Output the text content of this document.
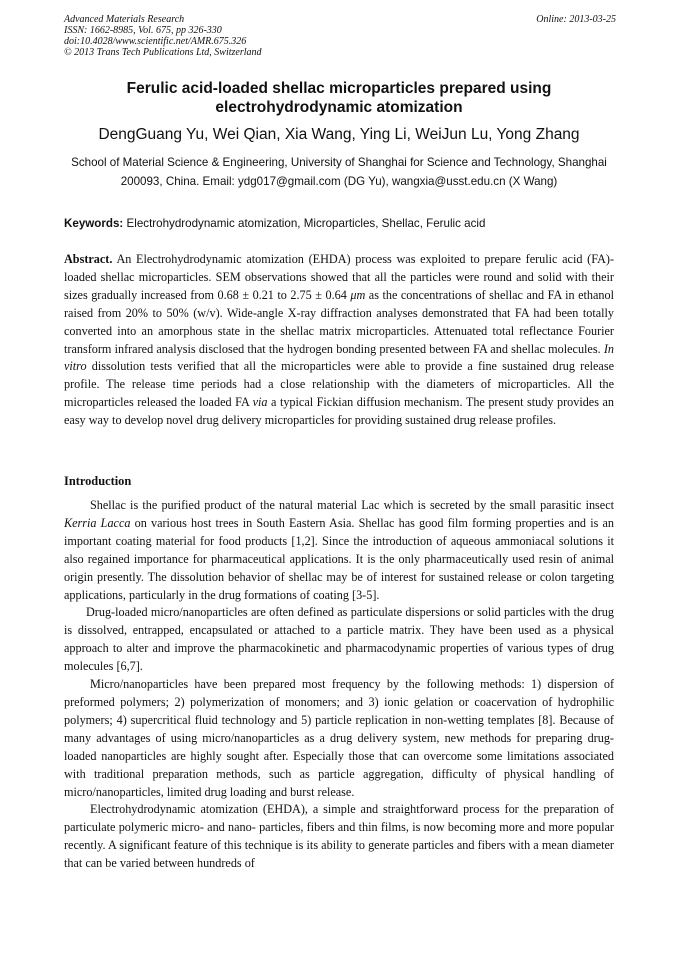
Advanced Materials Research
ISSN: 1662-8985, Vol. 675, pp 326-330
doi:10.4028/www.scientific.net/AMR.675.326
© 2013 Trans Tech Publications Ltd, Switzerland
Online: 2013-03-25
Ferulic acid-loaded shellac microparticles prepared using electrohydrodynamic atomization
DengGuang Yu, Wei Qian, Xia Wang, Ying Li, WeiJun Lu, Yong Zhang
School of Material Science & Engineering, University of Shanghai for Science and Technology, Shanghai 200093, China. Email: ydg017@gmail.com (DG Yu), wangxia@usst.edu.cn (X Wang)
Keywords: Electrohydrodynamic atomization, Microparticles, Shellac, Ferulic acid
Abstract. An Electrohydrodynamic atomization (EHDA) process was exploited to prepare ferulic acid (FA)-loaded shellac microparticles. SEM observations showed that all the particles were round and solid with their sizes gradually increased from 0.68 ± 0.21 to 2.75 ± 0.64 μm as the concentrations of shellac and FA in ethanol raised from 20% to 50% (w/v). Wide-angle X-ray diffraction analyses demonstrated that FA had been totally converted into an amorphous state in the shellac matrix microparticles. Attenuated total reflectance Fourier transform infrared analysis disclosed that the hydrogen bonding presented between FA and shellac molecules. In vitro dissolution tests verified that all the microparticles were able to provide a fine sustained drug release profile. The release time periods had a close relationship with the diameters of microparticles. All the microparticles released the loaded FA via a typical Fickian diffusion mechanism. The present study provides an easy way to develop novel drug delivery microparticles for providing sustained drug release profiles.
Introduction

Shellac is the purified product of the natural material Lac which is secreted by the small parasitic insect Kerria Lacca on various host trees in South Eastern Asia. Shellac has good film forming properties and is an important coating material for food products [1,2]. Since the introduction of aqueous ammoniacal solutions it also regained importance for pharmaceutical applications. It is the only pharmaceutically used resin of animal origin presently. The dissolution behavior of shellac may be of interest for sustained release or colon targeting applications, particularly in the drug formations of coating [3-5].

Drug-loaded micro/nanoparticles are often defined as particulate dispersions or solid particles with the drug is dissolved, entrapped, encapsulated or attached to a particle matrix. They have been used as a physical approach to alter and improve the pharmacokinetic and pharmacodynamic properties of various types of drug molecules [6,7].

Micro/nanoparticles have been prepared most frequency by the following methods: 1) dispersion of preformed polymers; 2) polymerization of monomers; and 3) ionic gelation or coacervation of hydrophilic polymers; 4) supercritical fluid technology and 5) particle replication in non-wetting templates [8]. Because of many advantages of using micro/nanoparticles as a drug delivery system, new methods for preparing drug-loaded nanoparticles are highly sought after. Especially those that can overcome some limitations associated with traditional preparation methods, such as particle aggregation, difficulty of physical handling of micro/nanoparticles, limited drug loading and burst release.

Electrohydrodynamic atomization (EHDA), a simple and straightforward process for the preparation of particulate polymeric micro- and nano- particles, fibers and thin films, is now becoming more and more popular recently. A significant feature of this technique is its ability to generate particles and fibers with a mean diameter that can be varied between hundreds of
